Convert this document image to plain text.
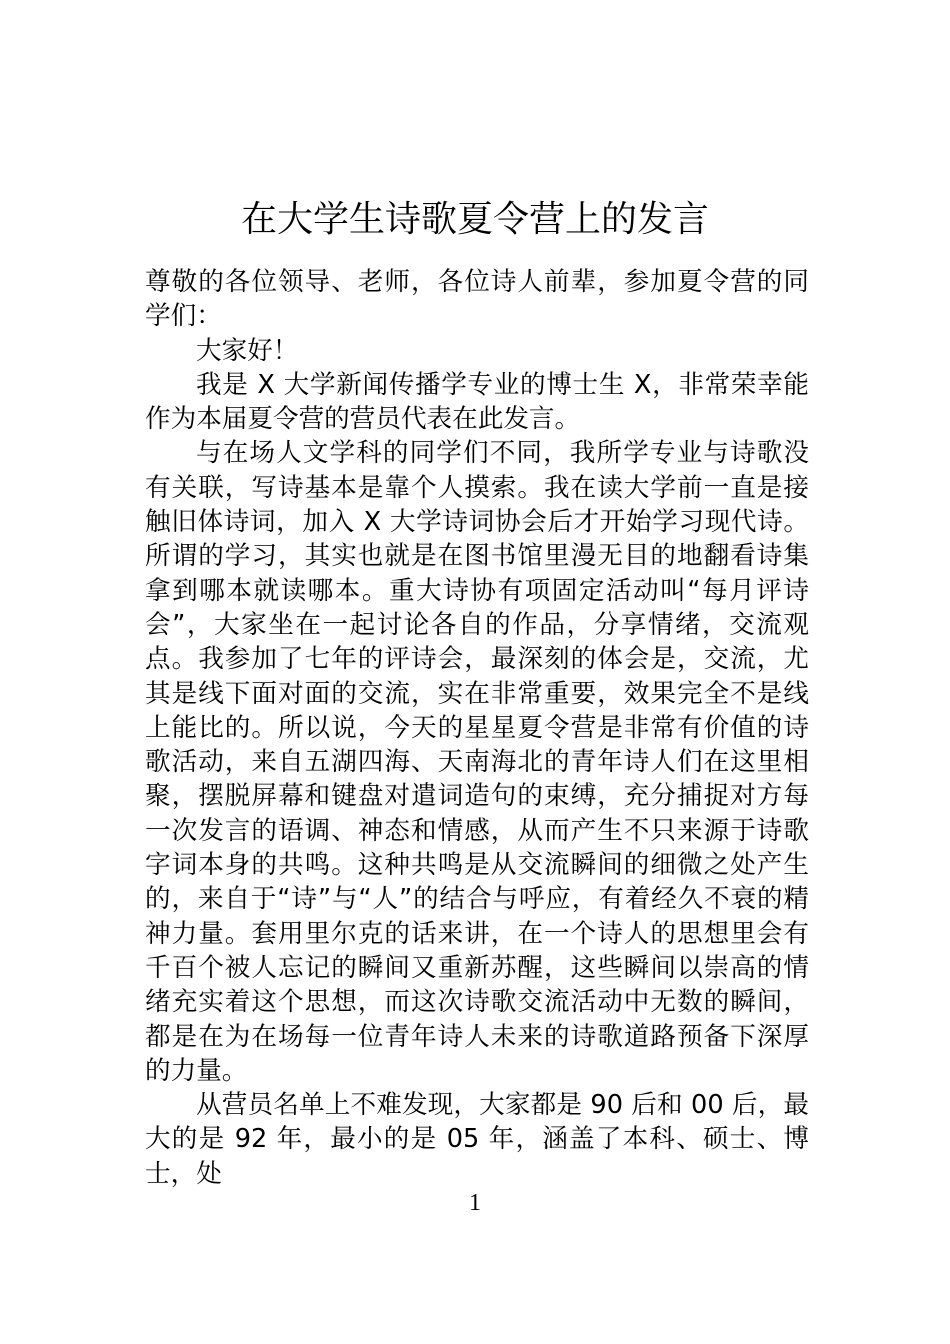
在大学生诗歌夏令营上的发言

尊敬的各位领导、老师，各位诗人前辈，参加夏令营的同学们：

大家好！

我是 X 大学新闻传播学专业的博士生 X，非常荣幸能作为本届夏令营的营员代表在此发言。

与在场人文学科的同学们不同，我所学专业与诗歌没有关联，写诗基本是靠个人摸索。我在读大学前一直是接触旧体诗词，加入 X 大学诗词协会后才开始学习现代诗。所谓的学习，其实也就是在图书馆里漫无目的地翻看诗集拿到哪本就读哪本。重大诗协有项固定活动叫“每月评诗会”，大家坐在一起讨论各自的作品，分享情绪，交流观点。我参加了七年的评诗会，最深刻的体会是，交流，尤其是线下面对面的交流，实在非常重要，效果完全不是线上能比的。所以说，今天的星星夏令营是非常有价值的诗歌活动，来自五湖四海、天南海北的青年诗人们在这里相聚，摆脱屏幕和键盘对遣词造句的束缚，充分捕捉对方每一次发言的语调、神态和情感，从而产生不只来源于诗歌字词本身的共鸣。这种共鸣是从交流瞬间的细微之处产生的，来自于“诗”与“人”的结合与呼应，有着经久不衰的精神力量。套用里尔克的话来讲，在一个诗人的思想里会有千百个被人忘记的瞬间又重新苏醒，这些瞬间以崇高的情绪充实着这个思想，而这次诗歌交流活动中无数的瞬间，都是在为在场每一位青年诗人未来的诗歌道路预备下深厚的力量。

从营员名单上不难发现，大家都是 90 后和 00 后，最大的是 92 年，最小的是 05 年，涵盖了本科、硕士、博士，处

1
